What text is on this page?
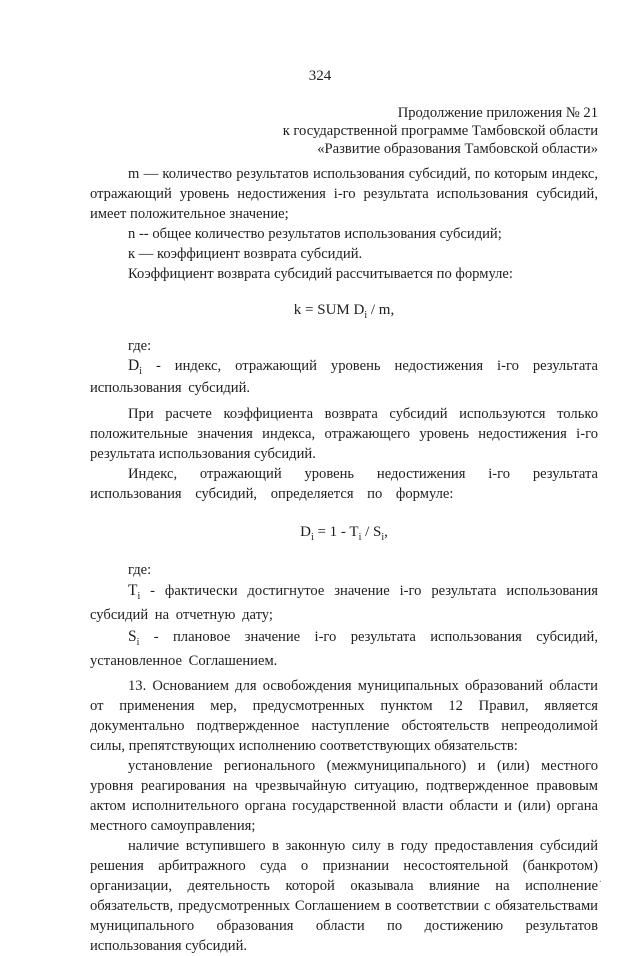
324
Продолжение приложения № 21
к государственной программе Тамбовской области
«Развитие образования Тамбовской области»

m — количество результатов использования субсидий, по которым индекс, отражающий уровень недостижения i-го результата использования субсидий, имеет положительное значение;

n -- общее количество результатов использования субсидий;

к — коэффициент возврата субсидий.

Коэффициент возврата субсидий рассчитывается по формуле:

k = SUM $D_i$ / m,

где:

$D_i$ - индекс, отражающий уровень недостижения i-го результата использования субсидий.

При расчете коэффициента возврата субсидий используются только положительные значения индекса, отражающего уровень недостижения i-го результата использования субсидий.

Индекс, отражающий уровень недостижения i-го результата использования субсидий, определяется по формуле:

$D_i = 1 - T_i / S_i$,

где:

$T_i$ - фактически достигнутое значение i-го результата использования субсидий на отчетную дату;

$S_i$ - плановое значение i-го результата использования субсидий, установленное Соглашением.

13. Основанием для освобождения муниципальных образований области от применения мер, предусмотренных пунктом 12 Правил, является документально подтвержденное наступление обстоятельств непреодолимой силы, препятствующих исполнению соответствующих обязательств:

установление регионального (межмуниципального) и (или) местного уровня реагирования на чрезвычайную ситуацию, подтвержденное правовым актом исполнительного органа государственной власти области и (или) органа местного самоуправления;

наличие вступившего в законную силу в году предоставления субсидий решения арбитражного суда о признании несостоятельной (банкротом) организации, деятельность которой оказывала влияние на исполнение обязательств, предусмотренных Соглашением в соответствии с обязательствами муниципального образования области по достижению результатов использования субсидий.

·
